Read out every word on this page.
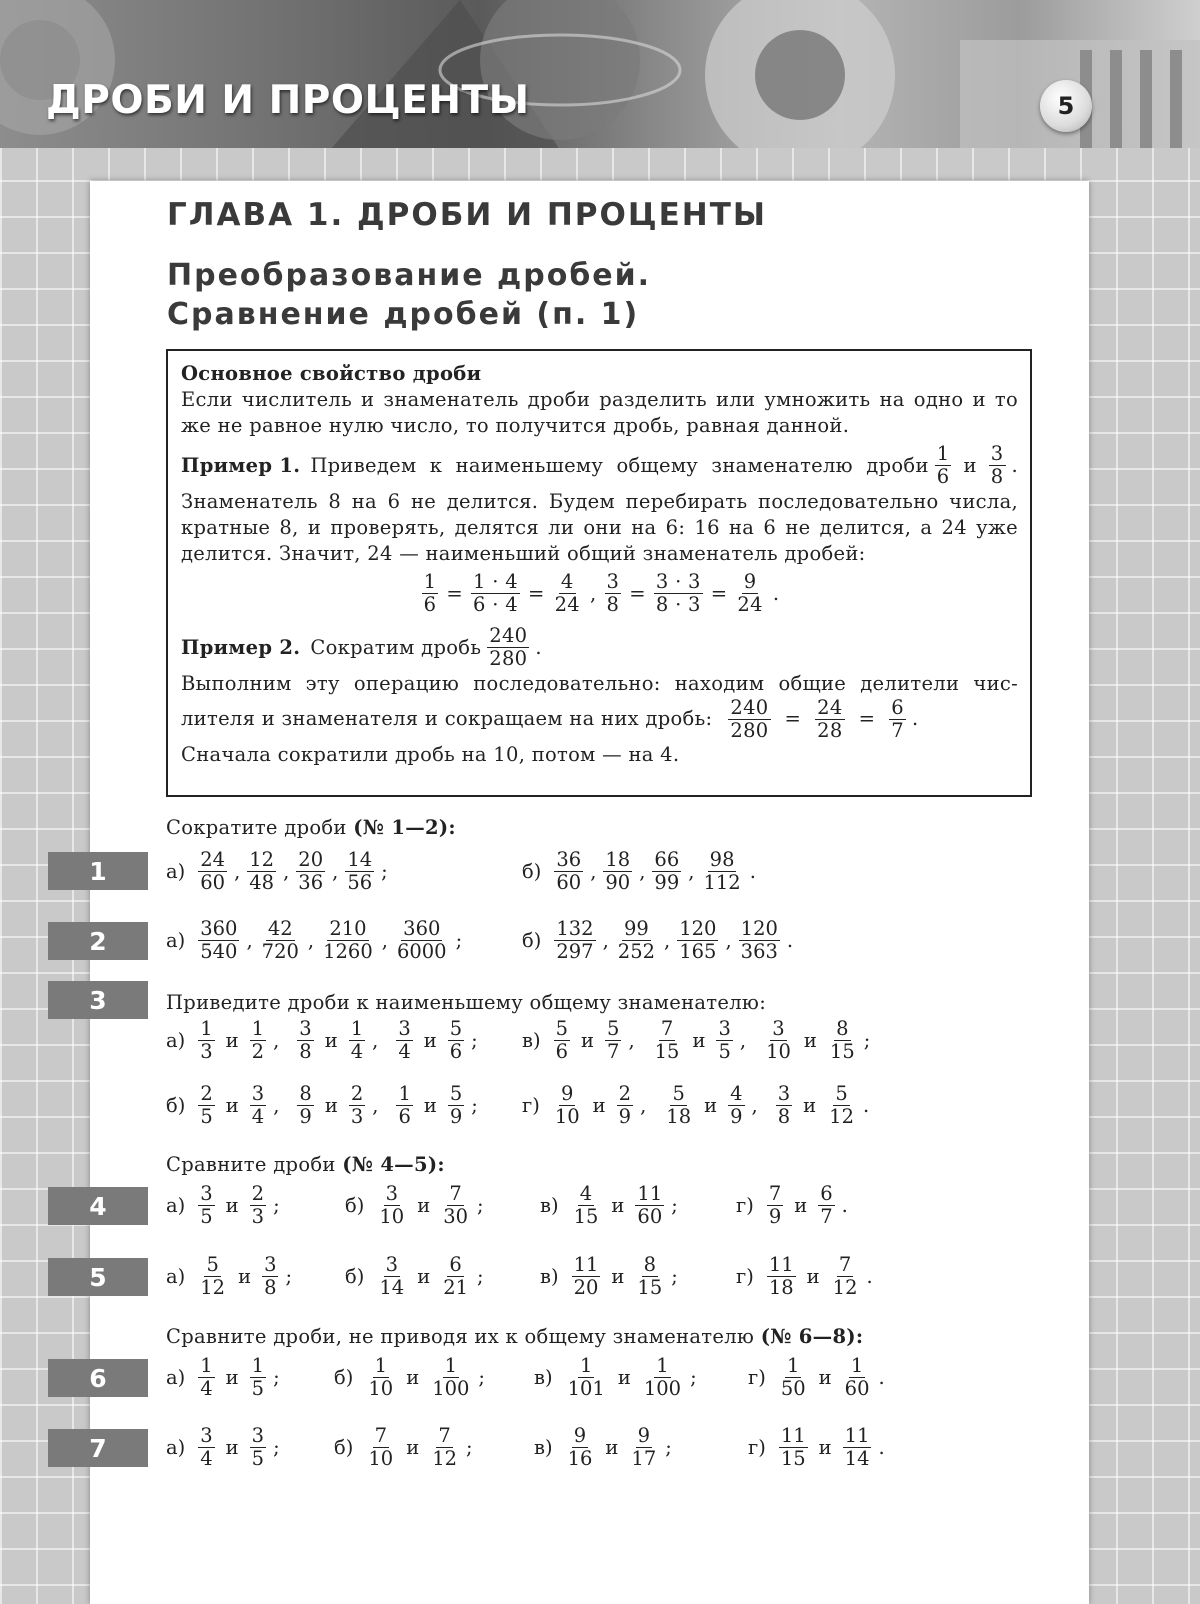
ДРОБИ И ПРОЦЕНТЫ	5
ГЛАВА 1. ДРОБИ И ПРОЦЕНТЫ
Преобразование дробей.
Сравнение дробей (п. 1)

Основное свойство дроби

Если числитель и знаменатель дроби разделить или умножить на одно и то же не равное нулю число, то получится дробь, равная данной.

Пример 1. Приведем к наименьшему общему знаменателю дроби $\frac{1}{6}$ и $\frac{3}{8}$ .

Знаменатель 8 на 6 не делится. Будем перебирать последовательно числа, кратные 8, и проверять, делятся ли они на 6: 16 на 6 не делится, а 24 уже делится. Значит, 24 — наименьший общий знаменатель дробей:

$\frac{1}{6} = \frac{1 \cdot 4}{6 \cdot 4} = \frac{4}{24}$ , $\frac{3}{8} = \frac{3 \cdot 3}{8 \cdot 3} = \frac{9}{24}$ .

Пример 2. Сократим дробь $\frac{240}{280}$ .

Выполним эту операцию последовательно: находим общие делители чис-

лителя и знаменателя и сокращаем на них дробь: $\frac{240}{280} = \frac{24}{28} = \frac{6}{7}$ .

Сначала сократили дробь на 10, потом — на 4.

Сократите дроби (№ 1—2):

Приведите дроби к наименьшему общему знаменателю:

Сравните дроби (№ 4—5):

Сравните дроби, не приводя их к общему знаменателю (№ 6—8):

1
2
3
4
5
6
7
$а) \frac{24}{60}$ , $\frac{12}{48}$ , $\frac{20}{36}$ , $\frac{14}{56}$ ;	$б) \frac{36}{60}$ , $\frac{18}{90}$ , $\frac{66}{99}$ , $\frac{98}{112}$ .
$а) \frac{360}{540}$ , $\frac{42}{720}$ , $\frac{210}{1260}$ , $\frac{360}{6000}$ ;	$б) \frac{132}{297}$ , $\frac{99}{252}$ , $\frac{120}{165}$ , $\frac{120}{363}$ .
$а) \frac{1}{3}$ и $\frac{1}{2}$ , $\frac{3}{8}$ и $\frac{1}{4}$ , $\frac{3}{4}$ и $\frac{5}{6}$ ; $в) \frac{5}{6}$ и $\frac{5}{7}$ , $\frac{7}{15}$ и $\frac{3}{5}$ , $\frac{3}{10}$ и $\frac{8}{15}$ ;
$б) \frac{2}{5}$ и $\frac{3}{4}$ , $\frac{8}{9}$ и $\frac{2}{3}$ , $\frac{1}{6}$ и $\frac{5}{9}$ ; $г) \frac{9}{10}$ и $\frac{2}{9}$ , $\frac{5}{18}$ и $\frac{4}{9}$ , $\frac{3}{8}$ и $\frac{5}{12}$ .
$а) \frac{3}{5}$ и $\frac{2}{3}$ ;	$б) \frac{3}{10}$ и $\frac{7}{30}$ ;	$в) \frac{4}{15}$ и $\frac{11}{60}$ ;	$г) \frac{7}{9}$ и $\frac{6}{7}$ .
$а) \frac{5}{12}$ и $\frac{3}{8}$ ;	$б) \frac{3}{14}$ и $\frac{6}{21}$ ;	$в) \frac{11}{20}$ и $\frac{8}{15}$ ;	$г) \frac{11}{18}$ и $\frac{7}{12}$ .
$а) \frac{1}{4}$ и $\frac{1}{5}$ ;	$б) \frac{1}{10}$ и $\frac{1}{100}$ ;	$в) \frac{1}{101}$ и $\frac{1}{100}$ ;	$г) \frac{1}{50}$ и $\frac{1}{60}$ .
$а) \frac{3}{4}$ и $\frac{3}{5}$ ;	$б) \frac{7}{10}$ и $\frac{7}{12}$ ;	$в) \frac{9}{16}$ и $\frac{9}{17}$ ;	$г) \frac{11}{15}$ и $\frac{11}{14}$ .
